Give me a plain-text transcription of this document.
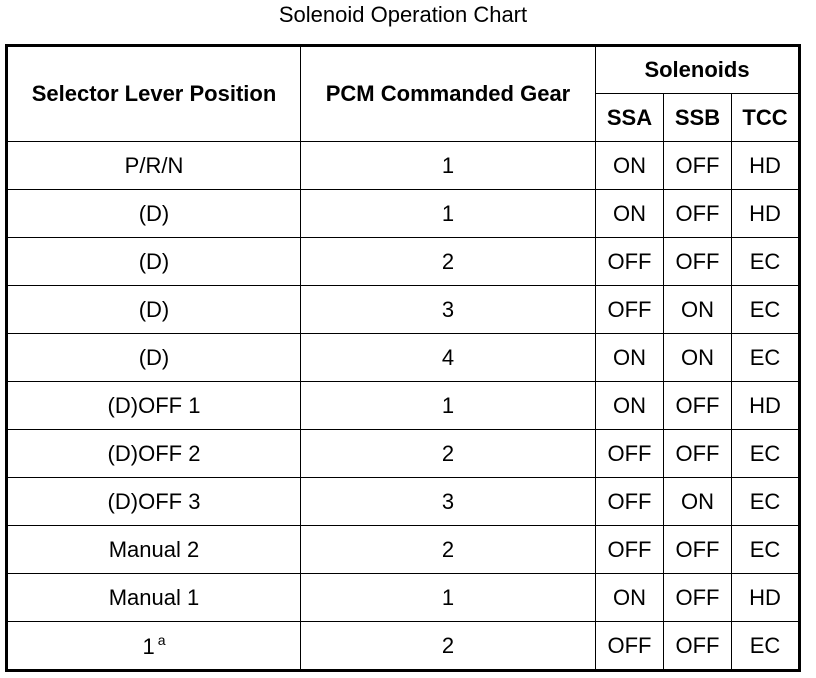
Solenoid Operation Chart
Selector Lever Position	PCM Commanded Gear	Solenoids		
		SSA	SSB	TCC
P/R/N	1	ON	OFF	HD
(D)	1	ON	OFF	HD
(D)	2	OFF	OFF	EC
(D)	3	OFF	ON	EC
(D)	4	ON	ON	EC
(D)OFF 1	1	ON	OFF	HD
(D)OFF 2	2	OFF	OFF	EC
(D)OFF 3	3	OFF	ON	EC
Manual 2	2	OFF	OFF	EC
Manual 1	1	ON	OFF	HD
1 $^a$	2	OFF	OFF	EC
